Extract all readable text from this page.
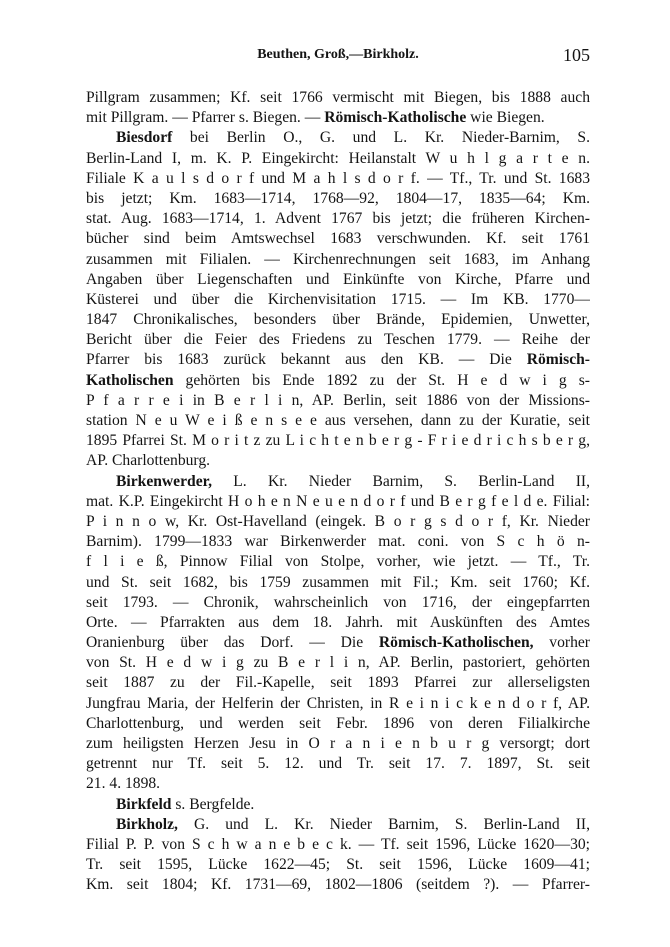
Beuthen, Groß,—Birkholz.	105
Pillgram zusammen; Kf. seit 1766 vermischt mit Biegen, bis 1888 auch
mit Pillgram. — Pfarrer s. Biegen. — Römisch-Katholische wie Biegen.
Biesdorf bei Berlin O., G. und L. Kr. Nieder-Barnim, S.
Berlin-Land I, m. K. P. Eingekircht: Heilanstalt W u h l g a r t e n.
Filiale K a u l s d o r f und M a h l s d o r f. — Tf., Tr. und St. 1683
bis jetzt; Km. 1683—1714, 1768—92, 1804—17, 1835—64; Km.
stat. Aug. 1683—1714, 1. Advent 1767 bis jetzt; die früheren Kirchen-
bücher sind beim Amtswechsel 1683 verschwunden. Kf. seit 1761
zusammen mit Filialen. — Kirchenrechnungen seit 1683, im Anhang
Angaben über Liegenschaften und Einkünfte von Kirche, Pfarre und
Küsterei und über die Kirchenvisitation 1715. — Im KB. 1770—
1847 Chronikalisches, besonders über Brände, Epidemien, Unwetter,
Bericht über die Feier des Friedens zu Teschen 1779. — Reihe der
Pfarrer bis 1683 zurück bekannt aus den KB. — Die Römisch-
Katholischen gehörten bis Ende 1892 zu der St. H e d w i g s-
P f a r r e i in B e r l i n, AP. Berlin, seit 1886 von der Missions-
station N e u W e i ß e n s e e aus versehen, dann zu der Kuratie, seit
1895 Pfarrei St. M o r i t z zu L i c h t e n b e r g - F r i e d r i c h s b e r g,
AP. Charlottenburg.
Birkenwerder, L. Kr. Nieder Barnim, S. Berlin-Land II,
mat. K.P. Eingekircht H o h e n N e u e n d o r f und B e r g f e l d e. Filial:
P i n n o w, Kr. Ost-Havelland (eingek. B o r g s d o r f, Kr. Nieder
Barnim). 1799—1833 war Birkenwerder mat. coni. von S c h ö n-
f l i e ß, Pinnow Filial von Stolpe, vorher, wie jetzt. — Tf., Tr.
und St. seit 1682, bis 1759 zusammen mit Fil.; Km. seit 1760; Kf.
seit 1793. — Chronik, wahrscheinlich von 1716, der eingepfarrten
Orte. — Pfarrakten aus dem 18. Jahrh. mit Auskünften des Amtes
Oranienburg über das Dorf. — Die Römisch-Katholischen, vorher
von St. H e d w i g zu B e r l i n, AP. Berlin, pastoriert, gehörten
seit 1887 zu der Fil.-Kapelle, seit 1893 Pfarrei zur allerseligsten
Jungfrau Maria, der Helferin der Christen, in R e i n i c k e n d o r f, AP.
Charlottenburg, und werden seit Febr. 1896 von deren Filialkirche
zum heiligsten Herzen Jesu in O r a n i e n b u r g versorgt; dort
getrennt nur Tf. seit 5. 12. und Tr. seit 17. 7. 1897, St. seit
21. 4. 1898.
Birkfeld s. Bergfelde.
Birkholz, G. und L. Kr. Nieder Barnim, S. Berlin-Land II,
Filial P. P. von S c h w a n e b e c k. — Tf. seit 1596, Lücke 1620—30;
Tr. seit 1595, Lücke 1622—45; St. seit 1596, Lücke 1609—41;
Km. seit 1804; Kf. 1731—69, 1802—1806 (seitdem ?). — Pfarrer-
